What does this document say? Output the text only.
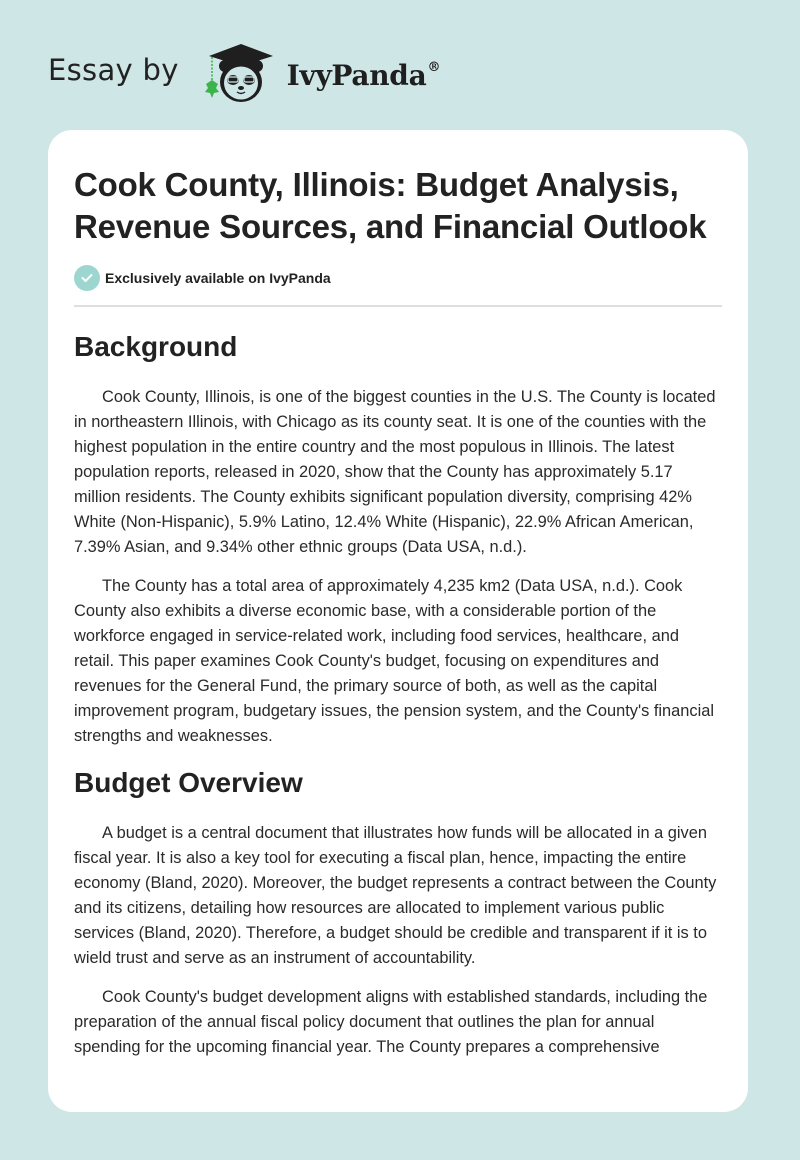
Essay by	IvyPanda®
Cook County, Illinois: Budget Analysis, Revenue Sources, and Financial Outlook
Exclusively available on IvyPanda
Background

Cook County, Illinois, is one of the biggest counties in the U.S. The County is located in northeastern Illinois, with Chicago as its county seat. It is one of the counties with the highest population in the entire country and the most populous in Illinois. The latest population reports, released in 2020, show that the County has approximately 5.17 million residents. The County exhibits significant population diversity, comprising 42% White (Non-Hispanic), 5.9% Latino, 12.4% White (Hispanic), 22.9% African American, 7.39% Asian, and 9.34% other ethnic groups (Data USA, n.d.).

The County has a total area of approximately 4,235 km2 (Data USA, n.d.). Cook County also exhibits a diverse economic base, with a considerable portion of the workforce engaged in service-related work, including food services, healthcare, and retail. This paper examines Cook County's budget, focusing on expenditures and revenues for the General Fund, the primary source of both, as well as the capital improvement program, budgetary issues, the pension system, and the County's financial strengths and weaknesses.

Budget Overview

A budget is a central document that illustrates how funds will be allocated in a given fiscal year. It is also a key tool for executing a fiscal plan, hence, impacting the entire economy (Bland, 2020). Moreover, the budget represents a contract between the County and its citizens, detailing how resources are allocated to implement various public services (Bland, 2020). Therefore, a budget should be credible and transparent if it is to wield trust and serve as an instrument of accountability.

Cook County's budget development aligns with established standards, including the preparation of the annual fiscal policy document that outlines the plan for annual spending for the upcoming financial year. The County prepares a comprehensive
